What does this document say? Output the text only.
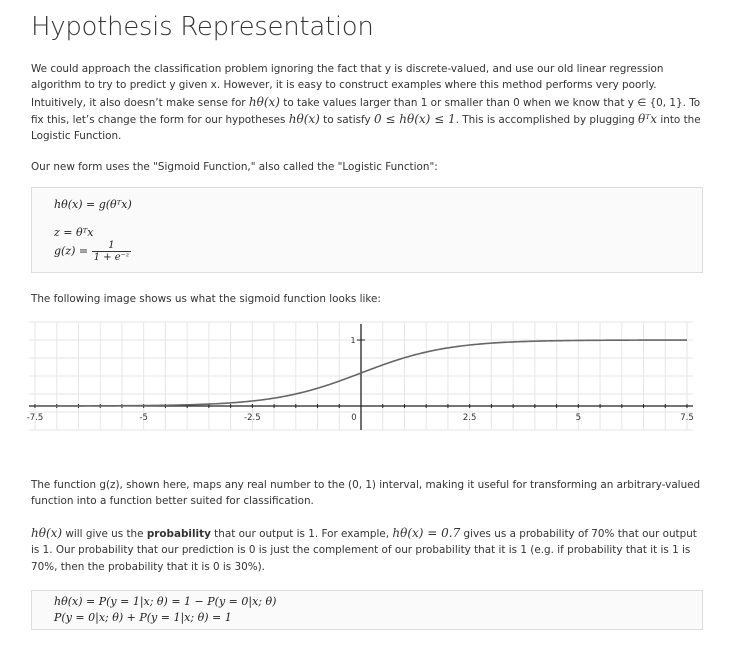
Hypothesis Representation
We could approach the classification problem ignoring the fact that y is discrete-valued, and use our old linear regression algorithm to try to predict y given x. However, it is easy to construct examples where this method performs very poorly. Intuitively, it also doesn’t make sense for hθ(x) to take values larger than 1 or smaller than 0 when we know that y ∈ {0, 1}. To fix this, let’s change the form for our hypotheses hθ(x) to satisfy 0 ≤ hθ(x) ≤ 1. This is accomplished by plugging θᵀx into the Logistic Function.
Our new form uses the "Sigmoid Function," also called the "Logistic Function":
hθ(x) = g(θᵀx)
z = θᵀx
$g(z) = \frac{1}{\text{1 + e⁻ᶻ}}$
The following image shows us what the sigmoid function looks like:
-7.5	-5	-2.5	0	2.5	5	7.5
1
The function g(z), shown here, maps any real number to the (0, 1) interval, making it useful for transforming an arbitrary-valued function into a function better suited for classification.
hθ(x) will give us the probability that our output is 1. For example, hθ(x) = 0.7 gives us a probability of 70% that our output is 1. Our probability that our prediction is 0 is just the complement of our probability that it is 1 (e.g. if probability that it is 1 is 70%, then the probability that it is 0 is 30%).
hθ(x) = P(y = 1|x; θ) = 1 − P(y = 0|x; θ)
P(y = 0|x; θ) + P(y = 1|x; θ) = 1
